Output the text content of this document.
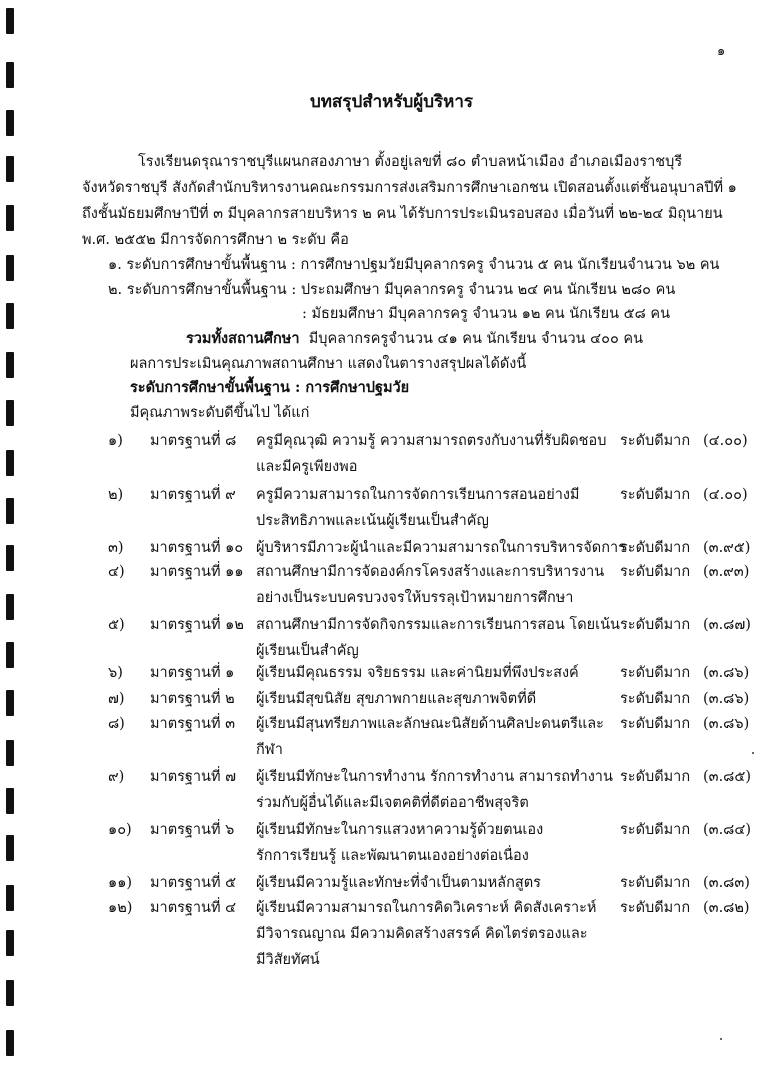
๑
บทสรุปสำหรับผู้บริหาร
โรงเรียนดรุณาราชบุรีแผนกสองภาษา ตั้งอยู่เลขที่ ๘๐ ตำบลหน้าเมือง อำเภอเมืองราชบุรี
จังหวัดราชบุรี สังกัดสำนักบริหารงานคณะกรรมการส่งเสริมการศึกษาเอกชน เปิดสอนตั้งแต่ชั้นอนุบาลปีที่ ๑
ถึงชั้นมัธยมศึกษาปีที่ ๓ มีบุคลากรสายบริหาร ๒ คน ได้รับการประเมินรอบสอง เมื่อวันที่ ๒๒-๒๔ มิถุนายน
พ.ศ. ๒๕๕๒ มีการจัดการศึกษา ๒ ระดับ คือ
๑. ระดับการศึกษาขั้นพื้นฐาน : การศึกษาปฐมวัยมีบุคลากรครู จำนวน ๕ คน นักเรียนจำนวน ๖๒ คน
๒. ระดับการศึกษาขั้นพื้นฐาน : ประถมศึกษา มีบุคลากรครู จำนวน ๒๔ คน นักเรียน ๒๘๐ คน
: มัธยมศึกษา มีบุคลากรครู จำนวน ๑๒ คน นักเรียน ๕๘ คน
รวมทั้งสถานศึกษา มีบุคลากรครูจำนวน ๔๑ คน นักเรียน จำนวน ๔๐๐ คน
ผลการประเมินคุณภาพสถานศึกษา แสดงในตารางสรุปผลได้ดังนี้
ระดับการศึกษาขั้นพื้นฐาน : การศึกษาปฐมวัย
มีคุณภาพระดับดีขึ้นไป ได้แก่
๑) มาตรฐานที่ ๘ ครูมีคุณวุฒิ ความรู้ ความสามารถตรงกับงานที่รับผิดชอบ
และมีครูเพียงพอ
ระดับดีมาก (๔.๐๐)
๒) มาตรฐานที่ ๙ ครูมีความสามารถในการจัดการเรียนการสอนอย่างมี
ประสิทธิภาพและเน้นผู้เรียนเป็นสำคัญ
ระดับดีมาก (๔.๐๐)
๓) มาตรฐานที่ ๑๐ ผู้บริหารมีภาวะผู้นำและมีความสามารถในการบริหารจัดการ
ระดับดีมาก (๓.๙๕)
๔) มาตรฐานที่ ๑๑ สถานศึกษามีการจัดองค์กรโครงสร้างและการบริหารงาน
อย่างเป็นระบบครบวงจรให้บรรลุเป้าหมายการศึกษา
ระดับดีมาก (๓.๙๓)
๕) มาตรฐานที่ ๑๒ สถานศึกษามีการจัดกิจกรรมและการเรียนการสอน โดยเน้น
ผู้เรียนเป็นสำคัญ
ระดับดีมาก (๓.๘๗)
๖) มาตรฐานที่ ๑ ผู้เรียนมีคุณธรรม จริยธรรม และค่านิยมที่พึงประสงค์	ระดับดีมาก (๓.๘๖)
๗) มาตรฐานที่ ๒ ผู้เรียนมีสุขนิสัย สุขภาพกายและสุขภาพจิตที่ดี	ระดับดีมาก (๓.๘๖)
๘) มาตรฐานที่ ๓ ผู้เรียนมีสุนทรียภาพและลักษณะนิสัยด้านศิลปะดนตรีและ
กีฬา
ระดับดีมาก (๓.๘๖)
๙) มาตรฐานที่ ๗ ผู้เรียนมีทักษะในการทำงาน รักการทำงาน สามารถทำงาน
ร่วมกับผู้อื่นได้และมีเจตคติที่ดีต่ออาชีพสุจริต
ระดับดีมาก (๓.๘๕)
๑๐) มาตรฐานที่ ๖ ผู้เรียนมีทักษะในการแสวงหาความรู้ด้วยตนเอง
รักการเรียนรู้ และพัฒนาตนเองอย่างต่อเนื่อง
ระดับดีมาก (๓.๘๔)
๑๑) มาตรฐานที่ ๕ ผู้เรียนมีความรู้และทักษะที่จำเป็นตามหลักสูตร	ระดับดีมาก (๓.๘๓)
๑๒) มาตรฐานที่ ๔ ผู้เรียนมีความสามารถในการคิดวิเคราะห์ คิดสังเคราะห์
มีวิจารณญาณ มีความคิดสร้างสรรค์ คิดไตร่ตรองและ
มีวิสัยทัศน์
ระดับดีมาก (๓.๘๒)
